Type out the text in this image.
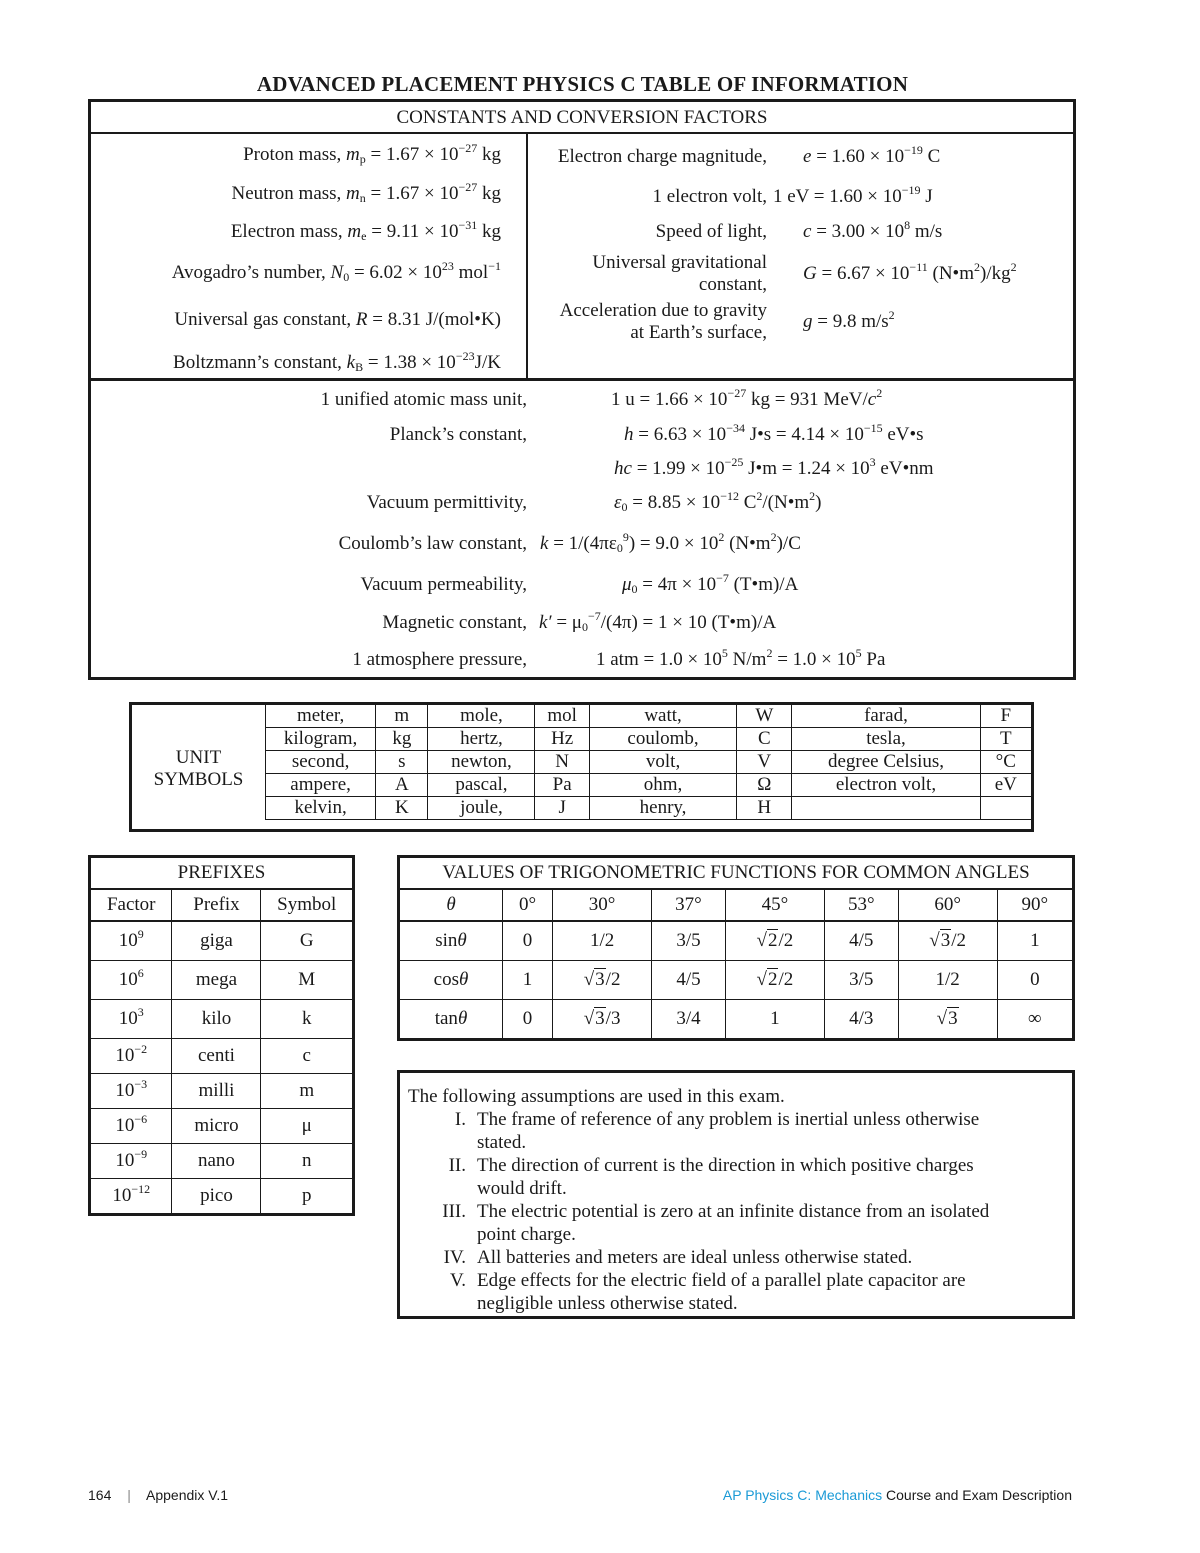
ADVANCED PLACEMENT PHYSICS C TABLE OF INFORMATION
CONSTANTS AND CONVERSION FACTORS
Proton mass, $m_p = 1.67 \times 10^{-27}$ kg
Neutron mass, $m_n = 1.67 \times 10^{-27}$ kg
Electron mass, $m_e = 9.11 \times 10^{-31}$ kg
Avogadro’s number, $N_0 = 6.02 \times 10^{23}$ mol$^{-1}$
Universal gas constant, R = 8.31 J/(mol•K)
Boltzmann’s constant, $k_B = 1.38 \times 10^{-23}J/K$
Electron charge magnitude, $e = 1.60 \times 10^{-19}$ C
1 electron volt, 1 eV = $1.60 \times 10^{-19}$ J
Speed of light, $c = 3.00 \times 10^8$ m/s
Universal gravitational
constant,
$G = 6.67 \times 10^{-11}$ $(N•m^2)/kg^2$
Acceleration due to gravity
at Earth’s surface,
g = 9.8 $m/s^2$
1 unified atomic mass unit,	1 $u = 1.66 \times 10^{-27}$ kg = 931 MeV/$c^2$
Planck’s constant,	$h = 6.63 \times 10^{-34}$ J•s = $4.14 \times 10^{-15}$ eV•s
hc = $1.99 \times 10^{-25}$ J•m = $1.24 \times 10^3$ eV•nm
Vacuum permittivity,	$\varepsilon_0 = 8.85 \times 10^{-12}$ $C^2/(N•m^2)$
Coulomb’s law constant, $k = 1/(4\pi\varepsilon_0^9) = 9.0 \times 10^2$ $(N•m^2)/C$
Vacuum permeability,	$\mu_0 = 4\pi \times 10^{-7}$ (T•m)/A
Magnetic constant, $k' = \mu_0^{-7}/(4\pi) = 1 \times 10$ (T•m)/A
1 atmosphere pressure,	1 atm = $1.0 \times 10^5$ $N/m^2 = 1.0 \times 10^5$ Pa
UNIT
SYMBOLS
meter,	m	mole,	mol	watt,	W	farad,	F
kilogram,	kg	hertz,	Hz	coulomb,	C	tesla,	T
second,	s	newton,	N	volt,	V	degree Celsius,	°C
ampere,	A	pascal,	Pa	ohm,	Ω	electron volt,	eV
kelvin,	K	joule,	J	henry,	H		
PREFIXES		
Factor	Prefix	Symbol
$10^9$	giga	G
$10^6$	mega	M
$10^3$	kilo	k
$10^{-2}$	centi	c
$10^{-3}$	milli	m
$10^{-6}$	micro	μ
$10^{-9}$	nano	n
$10^{-12}$	pico	p
VALUES OF TRIGONOMETRIC FUNCTIONS FOR COMMON ANGLES							
θ	0°	30°	37°	45°	53°	60°	90°
sinθ	0	1/2	3/5	√2/2	4/5	√3/2	1
cosθ	1	√3/2	4/5	√2/2	3/5	1/2	0
tanθ	0	√3/3	3/4	1	4/3	√3	∞
The following assumptions are used in this exam.
I. The frame of reference of any problem is inertial unless otherwise
stated.
II. The direction of current is the direction in which positive charges
would drift.
III. The electric potential is zero at an infinite distance from an isolated
point charge.
IV. All batteries and meters are ideal unless otherwise stated.
V. Edge effects for the electric field of a parallel plate capacitor are
negligible unless otherwise stated.
164 | Appendix V.1	AP Physics C: Mechanics Course and Exam Description
